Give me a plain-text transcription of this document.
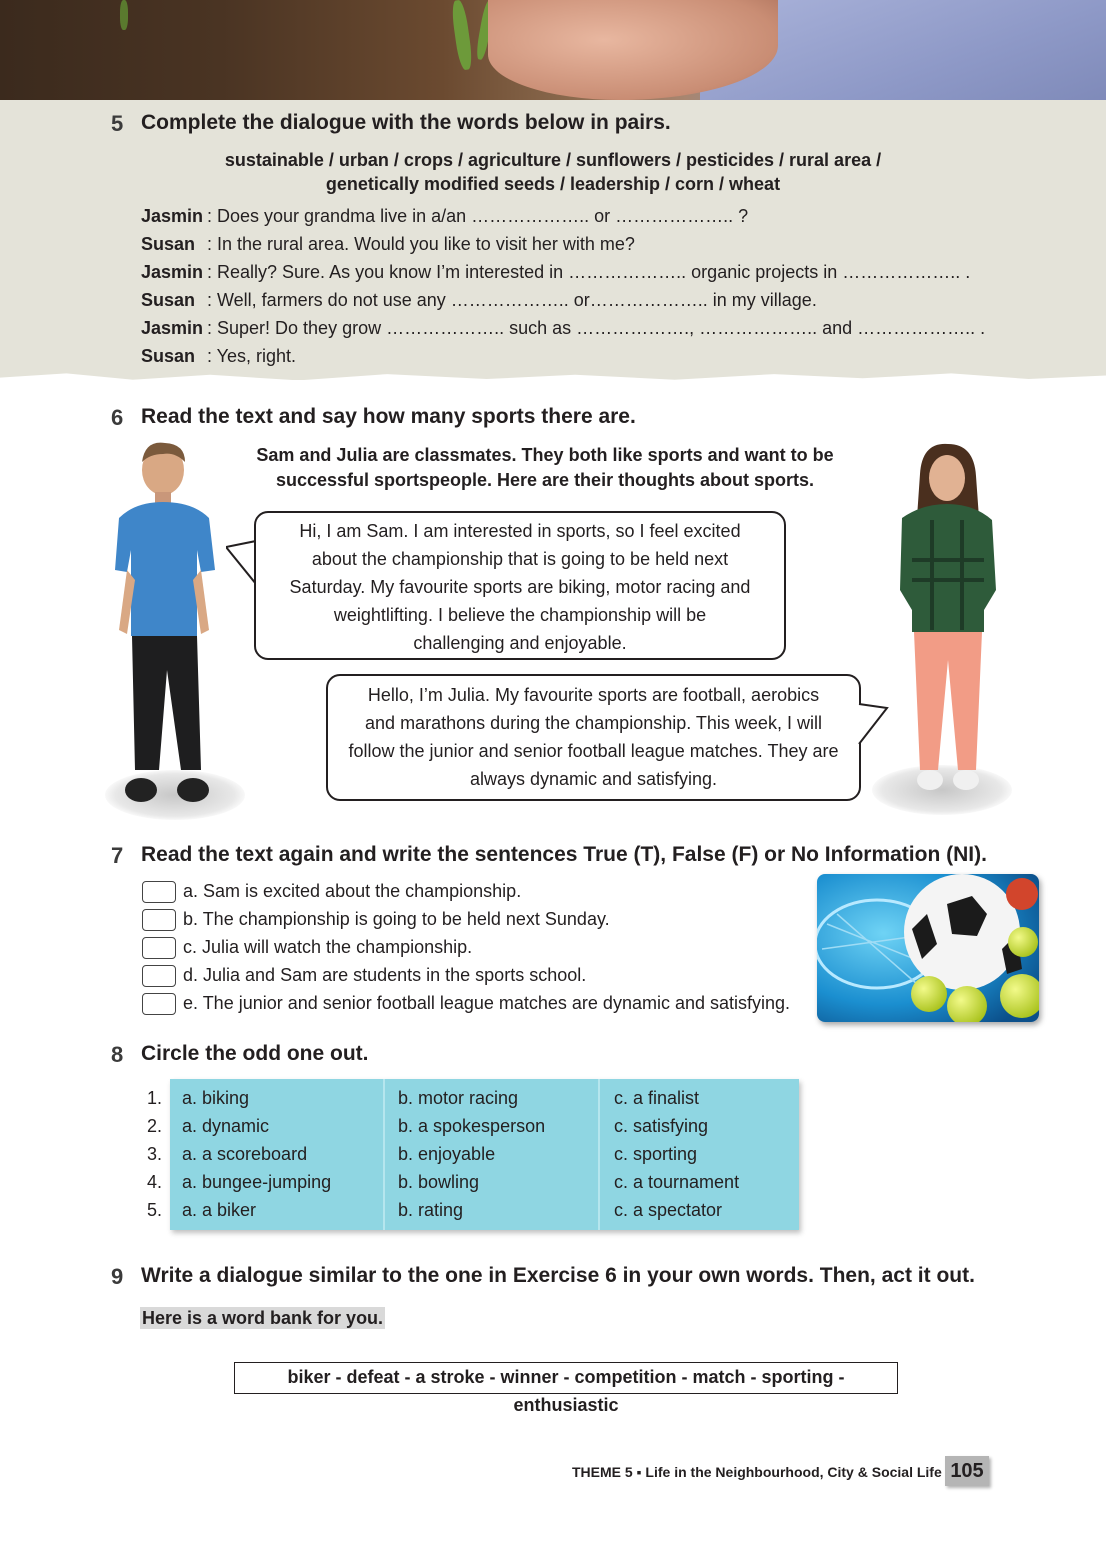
5 Complete the dialogue with the words below in pairs.
sustainable / urban / crops / agriculture / sunflowers / pesticides / rural area /
genetically modified seeds / leadership / corn / wheat
Jasmin : Does your grandma live in a/an ……………….. or ……………….. ?
Susan : In the rural area. Would you like to visit her with me?
Jasmin : Really? Sure. As you know I’m interested in ……………….. organic projects in ……………….. .
Susan : Well, farmers do not use any ……………….. or……………….. in my village.
Jasmin : Super! Do they grow ……………….. such as ………………., ……………….. and ……………….. .
Susan : Yes, right.
6 Read the text and say how many sports there are.
Sam and Julia are classmates. They both like sports and want to be
successful sportspeople. Here are their thoughts about sports.
Hi, I am Sam. I am interested in sports, so I feel excited
about the championship that is going to be held next
Saturday. My favourite sports are biking, motor racing and
weightlifting. I believe the championship will be
challenging and enjoyable.
Hello, I’m Julia. My favourite sports are football, aerobics
and marathons during the championship. This week, I will
follow the junior and senior football league matches. They are
always dynamic and satisfying.
7 Read the text again and write the sentences True (T), False (F) or No Information (NI).
a. Sam is excited about the championship.
b. The championship is going to be held next Sunday.
c. Julia will watch the championship.
d. Julia and Sam are students in the sports school.
e. The junior and senior football league matches are dynamic and satisfying.
8 Circle the odd one out.
1. a. biking	b. motor racing	c. a finalist
2. a. dynamic	b. a spokesperson	c. satisfying
3. a. a scoreboard	b. enjoyable	c. sporting
4. a. bungee-jumping	b. bowling	c. a tournament
5. a. a biker	b. rating	c. a spectator
9 Write a dialogue similar to the one in Exercise 6 in your own words. Then, act it out.
Here is a word bank for you.
biker - defeat - a stroke - winner - competition - match - sporting - enthusiastic
THEME 5 ▪ Life in the Neighbourhood, City & Social Life 105
